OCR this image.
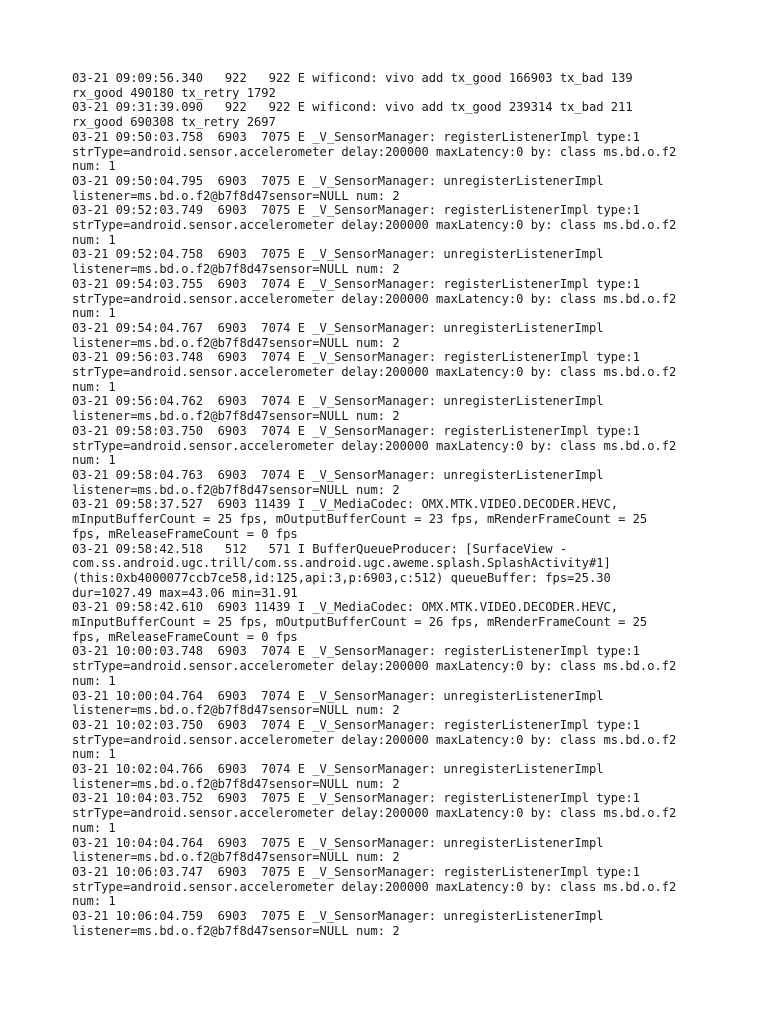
03-21 09:09:56.340   922   922 E wificond: vivo add tx_good 166903 tx_bad 139
rx_good 490180 tx_retry 1792
03-21 09:31:39.090   922   922 E wificond: vivo add tx_good 239314 tx_bad 211
rx_good 690308 tx_retry 2697
03-21 09:50:03.758  6903  7075 E _V_SensorManager: registerListenerImpl type:1
strType=android.sensor.accelerometer delay:200000 maxLatency:0 by: class ms.bd.o.f2
num: 1
03-21 09:50:04.795  6903  7075 E _V_SensorManager: unregisterListenerImpl
listener=ms.bd.o.f2@b7f8d47sensor=NULL num: 2
03-21 09:52:03.749  6903  7075 E _V_SensorManager: registerListenerImpl type:1
strType=android.sensor.accelerometer delay:200000 maxLatency:0 by: class ms.bd.o.f2
num: 1
03-21 09:52:04.758  6903  7075 E _V_SensorManager: unregisterListenerImpl
listener=ms.bd.o.f2@b7f8d47sensor=NULL num: 2
03-21 09:54:03.755  6903  7074 E _V_SensorManager: registerListenerImpl type:1
strType=android.sensor.accelerometer delay:200000 maxLatency:0 by: class ms.bd.o.f2
num: 1
03-21 09:54:04.767  6903  7074 E _V_SensorManager: unregisterListenerImpl
listener=ms.bd.o.f2@b7f8d47sensor=NULL num: 2
03-21 09:56:03.748  6903  7074 E _V_SensorManager: registerListenerImpl type:1
strType=android.sensor.accelerometer delay:200000 maxLatency:0 by: class ms.bd.o.f2
num: 1
03-21 09:56:04.762  6903  7074 E _V_SensorManager: unregisterListenerImpl
listener=ms.bd.o.f2@b7f8d47sensor=NULL num: 2
03-21 09:58:03.750  6903  7074 E _V_SensorManager: registerListenerImpl type:1
strType=android.sensor.accelerometer delay:200000 maxLatency:0 by: class ms.bd.o.f2
num: 1
03-21 09:58:04.763  6903  7074 E _V_SensorManager: unregisterListenerImpl
listener=ms.bd.o.f2@b7f8d47sensor=NULL num: 2
03-21 09:58:37.527  6903 11439 I _V_MediaCodec: OMX.MTK.VIDEO.DECODER.HEVC,
mInputBufferCount = 25 fps, mOutputBufferCount = 23 fps, mRenderFrameCount = 25
fps, mReleaseFrameCount = 0 fps
03-21 09:58:42.518   512   571 I BufferQueueProducer: [SurfaceView -
com.ss.android.ugc.trill/com.ss.android.ugc.aweme.splash.SplashActivity#1]
(this:0xb4000077ccb7ce58,id:125,api:3,p:6903,c:512) queueBuffer: fps=25.30
dur=1027.49 max=43.06 min=31.91
03-21 09:58:42.610  6903 11439 I _V_MediaCodec: OMX.MTK.VIDEO.DECODER.HEVC,
mInputBufferCount = 25 fps, mOutputBufferCount = 26 fps, mRenderFrameCount = 25
fps, mReleaseFrameCount = 0 fps
03-21 10:00:03.748  6903  7074 E _V_SensorManager: registerListenerImpl type:1
strType=android.sensor.accelerometer delay:200000 maxLatency:0 by: class ms.bd.o.f2
num: 1
03-21 10:00:04.764  6903  7074 E _V_SensorManager: unregisterListenerImpl
listener=ms.bd.o.f2@b7f8d47sensor=NULL num: 2
03-21 10:02:03.750  6903  7074 E _V_SensorManager: registerListenerImpl type:1
strType=android.sensor.accelerometer delay:200000 maxLatency:0 by: class ms.bd.o.f2
num: 1
03-21 10:02:04.766  6903  7074 E _V_SensorManager: unregisterListenerImpl
listener=ms.bd.o.f2@b7f8d47sensor=NULL num: 2
03-21 10:04:03.752  6903  7075 E _V_SensorManager: registerListenerImpl type:1
strType=android.sensor.accelerometer delay:200000 maxLatency:0 by: class ms.bd.o.f2
num: 1
03-21 10:04:04.764  6903  7075 E _V_SensorManager: unregisterListenerImpl
listener=ms.bd.o.f2@b7f8d47sensor=NULL num: 2
03-21 10:06:03.747  6903  7075 E _V_SensorManager: registerListenerImpl type:1
strType=android.sensor.accelerometer delay:200000 maxLatency:0 by: class ms.bd.o.f2
num: 1
03-21 10:06:04.759  6903  7075 E _V_SensorManager: unregisterListenerImpl
listener=ms.bd.o.f2@b7f8d47sensor=NULL num: 2
